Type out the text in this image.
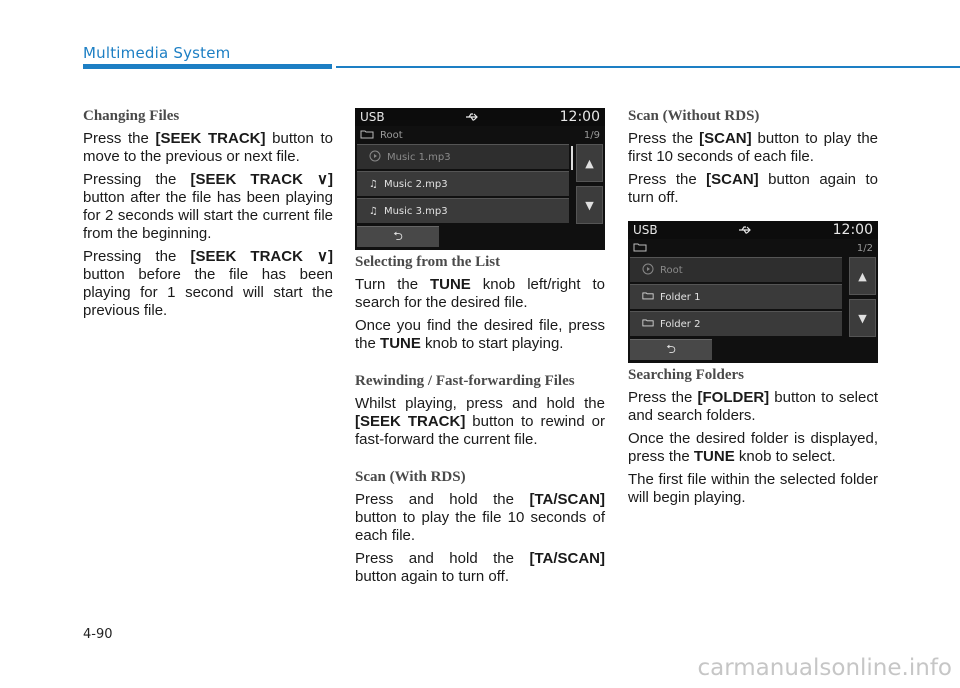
Multimedia System
Changing Files

Press the [SEEK TRACK] button to move to the previous or next file.

Pressing the [SEEK TRACK ∨] button after the file has been playing for 2 seconds will start the current file from the beginning.

Pressing the [SEEK TRACK ∨] button before the file has been playing for 1 second will start the previous file.

USB	12:00
Root	1/9
Music 1.mp3
♫ Music 2.mp3
♫ Music 3.mp3
▲
▼
⮌
Selecting from the List

Turn the TUNE knob left/right to search for the desired file.

Once you find the desired file, press the TUNE knob to start playing.

Rewinding / Fast-forwarding Files

Whilst playing, press and hold the [SEEK TRACK] button to rewind or fast-forward the current file.

Scan (With RDS)

Press and hold the [TA/SCAN] button to play the file 10 seconds of each file.

Press and hold the [TA/SCAN] button again to turn off.

Scan (Without RDS)

Press the [SCAN] button to play the first 10 seconds of each file.

Press the [SCAN] button again to turn off.

USB	12:00
1/2
Root
Folder 1
Folder 2
▲
▼
⮌
Searching Folders

Press the [FOLDER] button to select and search folders.

Once the desired folder is displayed, press the TUNE knob to select.

The first file within the selected folder will begin playing.

4-90
carmanualsonline.info
